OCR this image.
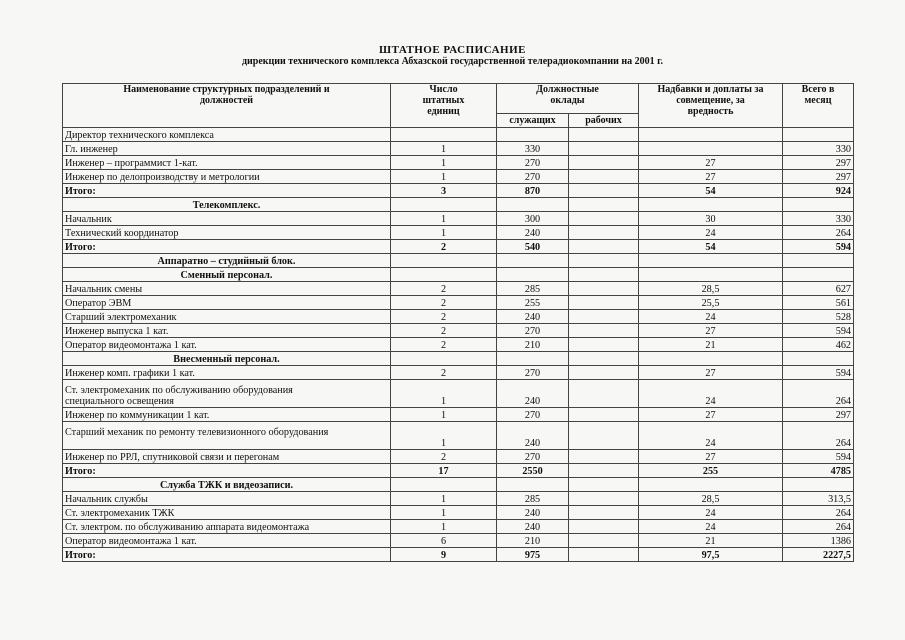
ШТАТНОЕ РАСПИСАНИЕ
дирекции технического комплекса Абхазской государственной телерадиокомпании на 2001 г.
Наименование структурных подразделений и должностей	Число штатных единиц	Должностные оклады		Надбавки и доплаты за совмещение, за вредность	Всего в месяц
		служащих	рабочих		
Директор технического комплекса					
Гл. инженер	1	330			330
Инженер – программист 1-кат.	1	270		27	297
Инженер по делопроизводству и метрологии	1	270		27	297
Итого:	3	870		54	924
Телекомплекс.					
Начальник	1	300		30	330
Технический координатор	1	240		24	264
Итого:	2	540		54	594
Аппаратно – студийный блок.					
Сменный персонал.					
Начальник смены	2	285		28,5	627
Оператор ЭВМ	2	255		25,5	561
Старший электромеханик	2	240		24	528
Инженер выпуска 1 кат.	2	270		27	594
Оператор видеомонтажа 1 кат.	2	210		21	462
Внесменный персонал.					
Инженер комп. графики 1 кат.	2	270		27	594

Ст. электромеханик по обслуживанию оборудования
специального освещения	1	240		24	264
Инженер по коммуникации 1 кат.	1	270		27	297

Старший механик по ремонту телевизионного оборудования	1	240		24	264
Инженер по РРЛ, спутниковой связи и перегонам	2	270		27	594
Итого:	17	2550		255	4785
Служба ТЖК и видеозаписи.					
Начальник службы	1	285		28,5	313,5
Ст. электромеханик ТЖК	1	240		24	264
Ст. электром. по обслуживанию аппарата видеомонтажа	1	240		24	264
Оператор видеомонтажа 1 кат.	6	210		21	1386
Итого:	9	975		97,5	2227,5
